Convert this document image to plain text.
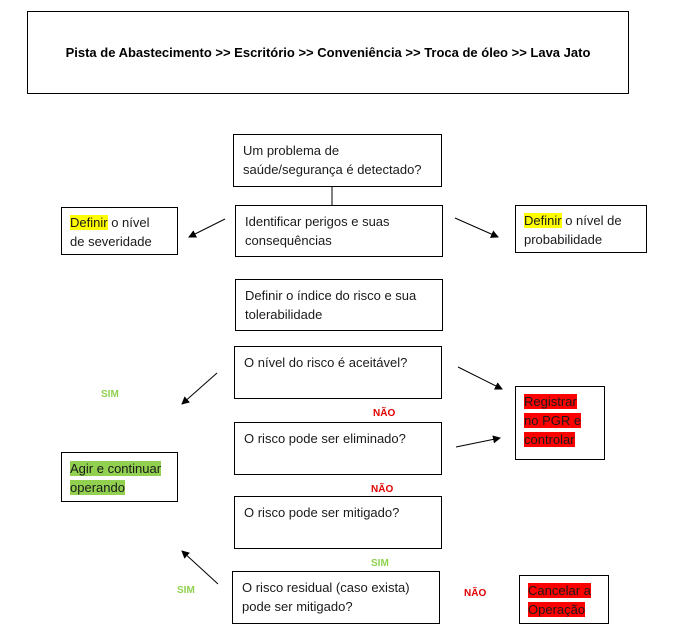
Pista de Abastecimento >> Escritório >> Conveniência >> Troca de óleo >> Lava Jato
Um problema de
saúde/segurança é detectado?
Identificar perigos e suas
consequências
Definir o nível
de severidade
Definir o nível de
probabilidade
Definir o índice do risco e sua
tolerabilidade
O nível do risco é aceitável?
O risco pode ser eliminado?
O risco pode ser mitigado?
O risco residual (caso exista)
pode ser mitigado?
Agir e continuar
operando
Registrar
no PGR e
controlar
Cancelar a
Operação
SIM
NÃO
NÃO
SIM
SIM	NÃO
